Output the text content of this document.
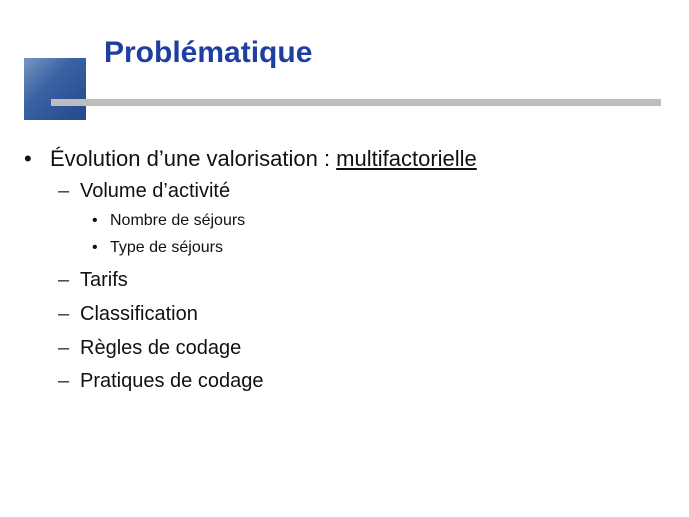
Problématique
• Évolution d’une valorisation : multifactorielle
– Volume d’activité
• Nombre de séjours
• Type de séjours
– Tarifs
– Classification
– Règles de codage
– Pratiques de codage
